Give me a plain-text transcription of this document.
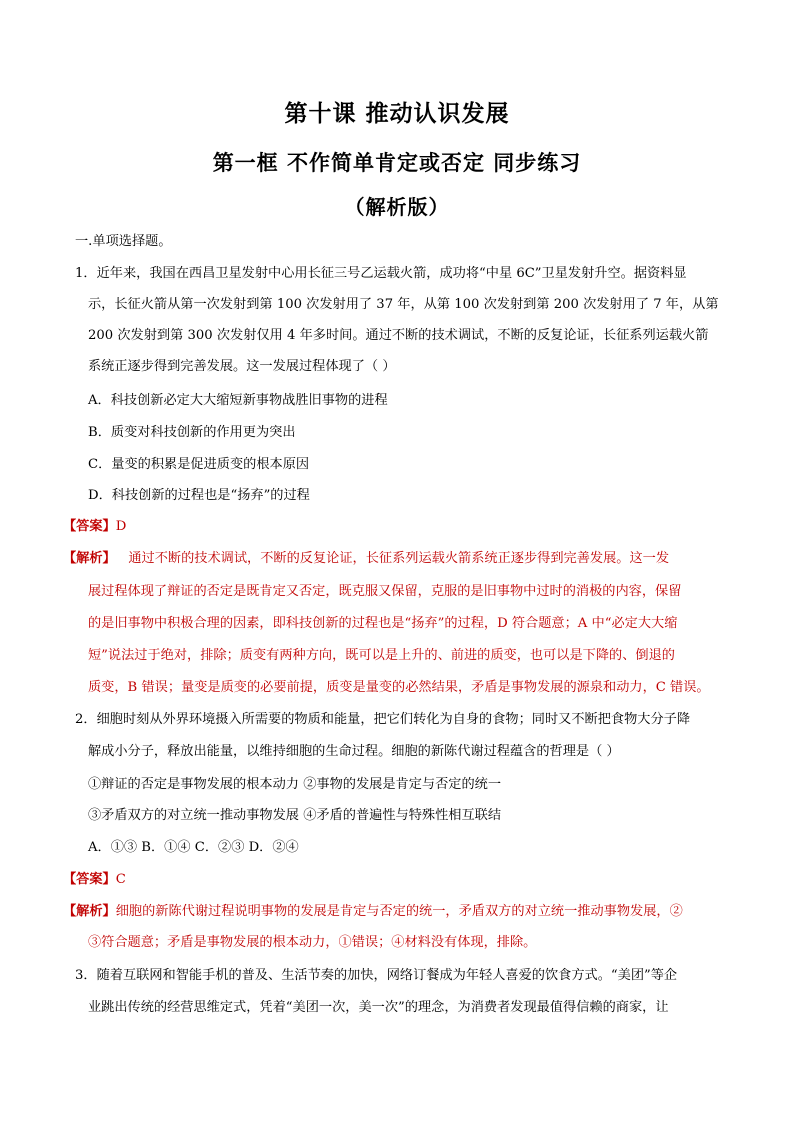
第十课 推动认识发展
第一框 不作简单肯定或否定 同步练习
（解析版）
一.单项选择题。
1．近年来，我国在西昌卫星发射中心用长征三号乙运载火箭，成功将“中星 6C”卫星发射升空。据资料显
示，长征火箭从第一次发射到第 100 次发射用了 37 年，从第 100 次发射到第 200 次发射用了 7 年，从第
200 次发射到第 300 次发射仅用 4 年多时间。通过不断的技术调试，不断的反复论证，长征系列运载火箭
系统正逐步得到完善发展。这一发展过程体现了（ ）
A．科技创新必定大大缩短新事物战胜旧事物的进程
B．质变对科技创新的作用更为突出
C．量变的积累是促进质变的根本原因
D．科技创新的过程也是“扬弃”的过程
【答案】D
【解析】 通过不断的技术调试，不断的反复论证，长征系列运载火箭系统正逐步得到完善发展。这一发
展过程体现了辩证的否定是既肯定又否定，既克服又保留，克服的是旧事物中过时的消极的内容，保留
的是旧事物中积极合理的因素，即科技创新的过程也是“扬弃”的过程，D 符合题意；A 中“必定大大缩
短”说法过于绝对，排除；质变有两种方向，既可以是上升的、前进的质变，也可以是下降的、倒退的
质变，B 错误；量变是质变的必要前提，质变是量变的必然结果，矛盾是事物发展的源泉和动力，C 错误。
2．细胞时刻从外界环境摄入所需要的物质和能量，把它们转化为自身的食物；同时又不断把食物大分子降
解成小分子，释放出能量，以维持细胞的生命过程。细胞的新陈代谢过程蕴含的哲理是（ ）
①辩证的否定是事物发展的根本动力 ②事物的发展是肯定与否定的统一
③矛盾双方的对立统一推动事物发展 ④矛盾的普遍性与特殊性相互联结
A．①③ B．①④ C．②③ D．②④
【答案】C
【解析】细胞的新陈代谢过程说明事物的发展是肯定与否定的统一，矛盾双方的对立统一推动事物发展，②
③符合题意；矛盾是事物发展的根本动力，①错误；④材料没有体现，排除。
3．随着互联网和智能手机的普及、生活节奏的加快，网络订餐成为年轻人喜爱的饮食方式。“美团”等企
业跳出传统的经营思维定式，凭着“美团一次，美一次”的理念，为消费者发现最值得信赖的商家，让
